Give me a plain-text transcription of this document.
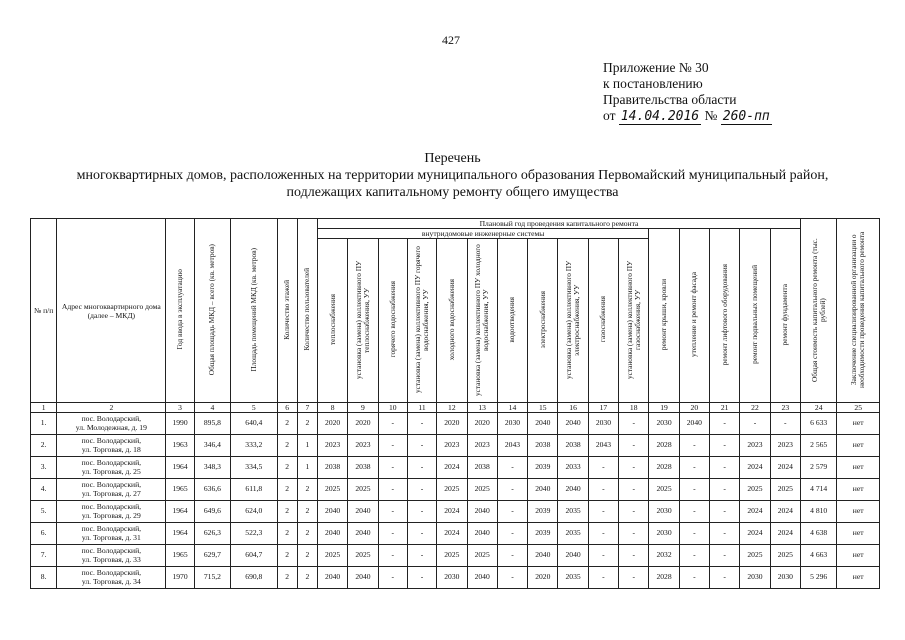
427
Приложение № 30
к постановлению
Правительства области
от 14.04.2016 № 260-пп
Перечень
многоквартирных домов, расположенных на территории муниципального образования Первомайский муниципальный район,
подлежащих капитальному ремонту общего имущества
№ п/п	Адрес многоквартирного дома (далее – МКД)	Год ввода в эксплуатацию	Общая площадь МКД – всего (кв. метров)	Площадь помещений МКД (кв. метров)	Количество этажей	Количество пользователей	Плановый год проведения капитального ремонта																Общая стоимость капитального ремонта (тыс. рублей)	Заключение специализированной организации о необходимости проведения капитального ремонта
							внутридомовые инженерные системы											ремонт крыши, кровли	утепление и ремонт фасада	ремонт лифтового оборудования	ремонт подвальных помещений	ремонт фундамента		
							теплоснабжения	установка (замена) коллективного ПУ теплоснабжения, УУ	горячего водоснабжения	установка (замена) коллективного ПУ горячего водоснабжения, УУ	холодного водоснабжения	установка (замена) коллективного ПУ холодного водоснабжения, УУ	водоотведения	электроснабжения	установка (замена) коллективного ПУ электроснабжения, УУ	газоснабжения	установка (замена) коллективного ПУ газоснабжения, УУ							
1	2	3	4	5	6	7	8	9	10	11	12	13	14	15	16	17	18	19	20	21	22	23	24	25
1.	пос. Володарский,
ул. Молодежная, д. 19	1990	895,8	640,4	2	2	2020	2020	-	-	2020	2020	2030	2040	2040	2030	-	2030	2040	-	-	-	6 633	нет
2.	пос. Володарский,
ул. Торговая, д. 18	1963	346,4	333,2	2	1	2023	2023	-	-	2023	2023	2043	2038	2038	2043	-	2028	-	-	2023	2023	2 565	нет
3.	пос. Володарский,
ул. Торговая, д. 25	1964	348,3	334,5	2	1	2038	2038	-	-	2024	2038	-	2039	2033	-	-	2028	-	-	2024	2024	2 579	нет
4.	пос. Володарский,
ул. Торговая, д. 27	1965	636,6	611,8	2	2	2025	2025	-	-	2025	2025	-	2040	2040	-	-	2025	-	-	2025	2025	4 714	нет
5.	пос. Володарский,
ул. Торговая, д. 29	1964	649,6	624,0	2	2	2040	2040	-	-	2024	2040	-	2039	2035	-	-	2030	-	-	2024	2024	4 810	нет
6.	пос. Володарский,
ул. Торговая, д. 31	1964	626,3	522,3	2	2	2040	2040	-	-	2024	2040	-	2039	2035	-	-	2030	-	-	2024	2024	4 638	нет
7.	пос. Володарский,
ул. Торговая, д. 33	1965	629,7	604,7	2	2	2025	2025	-	-	2025	2025	-	2040	2040	-	-	2032	-	-	2025	2025	4 663	нет
8.	пос. Володарский,
ул. Торговая, д. 34	1970	715,2	690,8	2	2	2040	2040	-	-	2030	2040	-	2020	2035	-	-	2028	-	-	2030	2030	5 296	нет
